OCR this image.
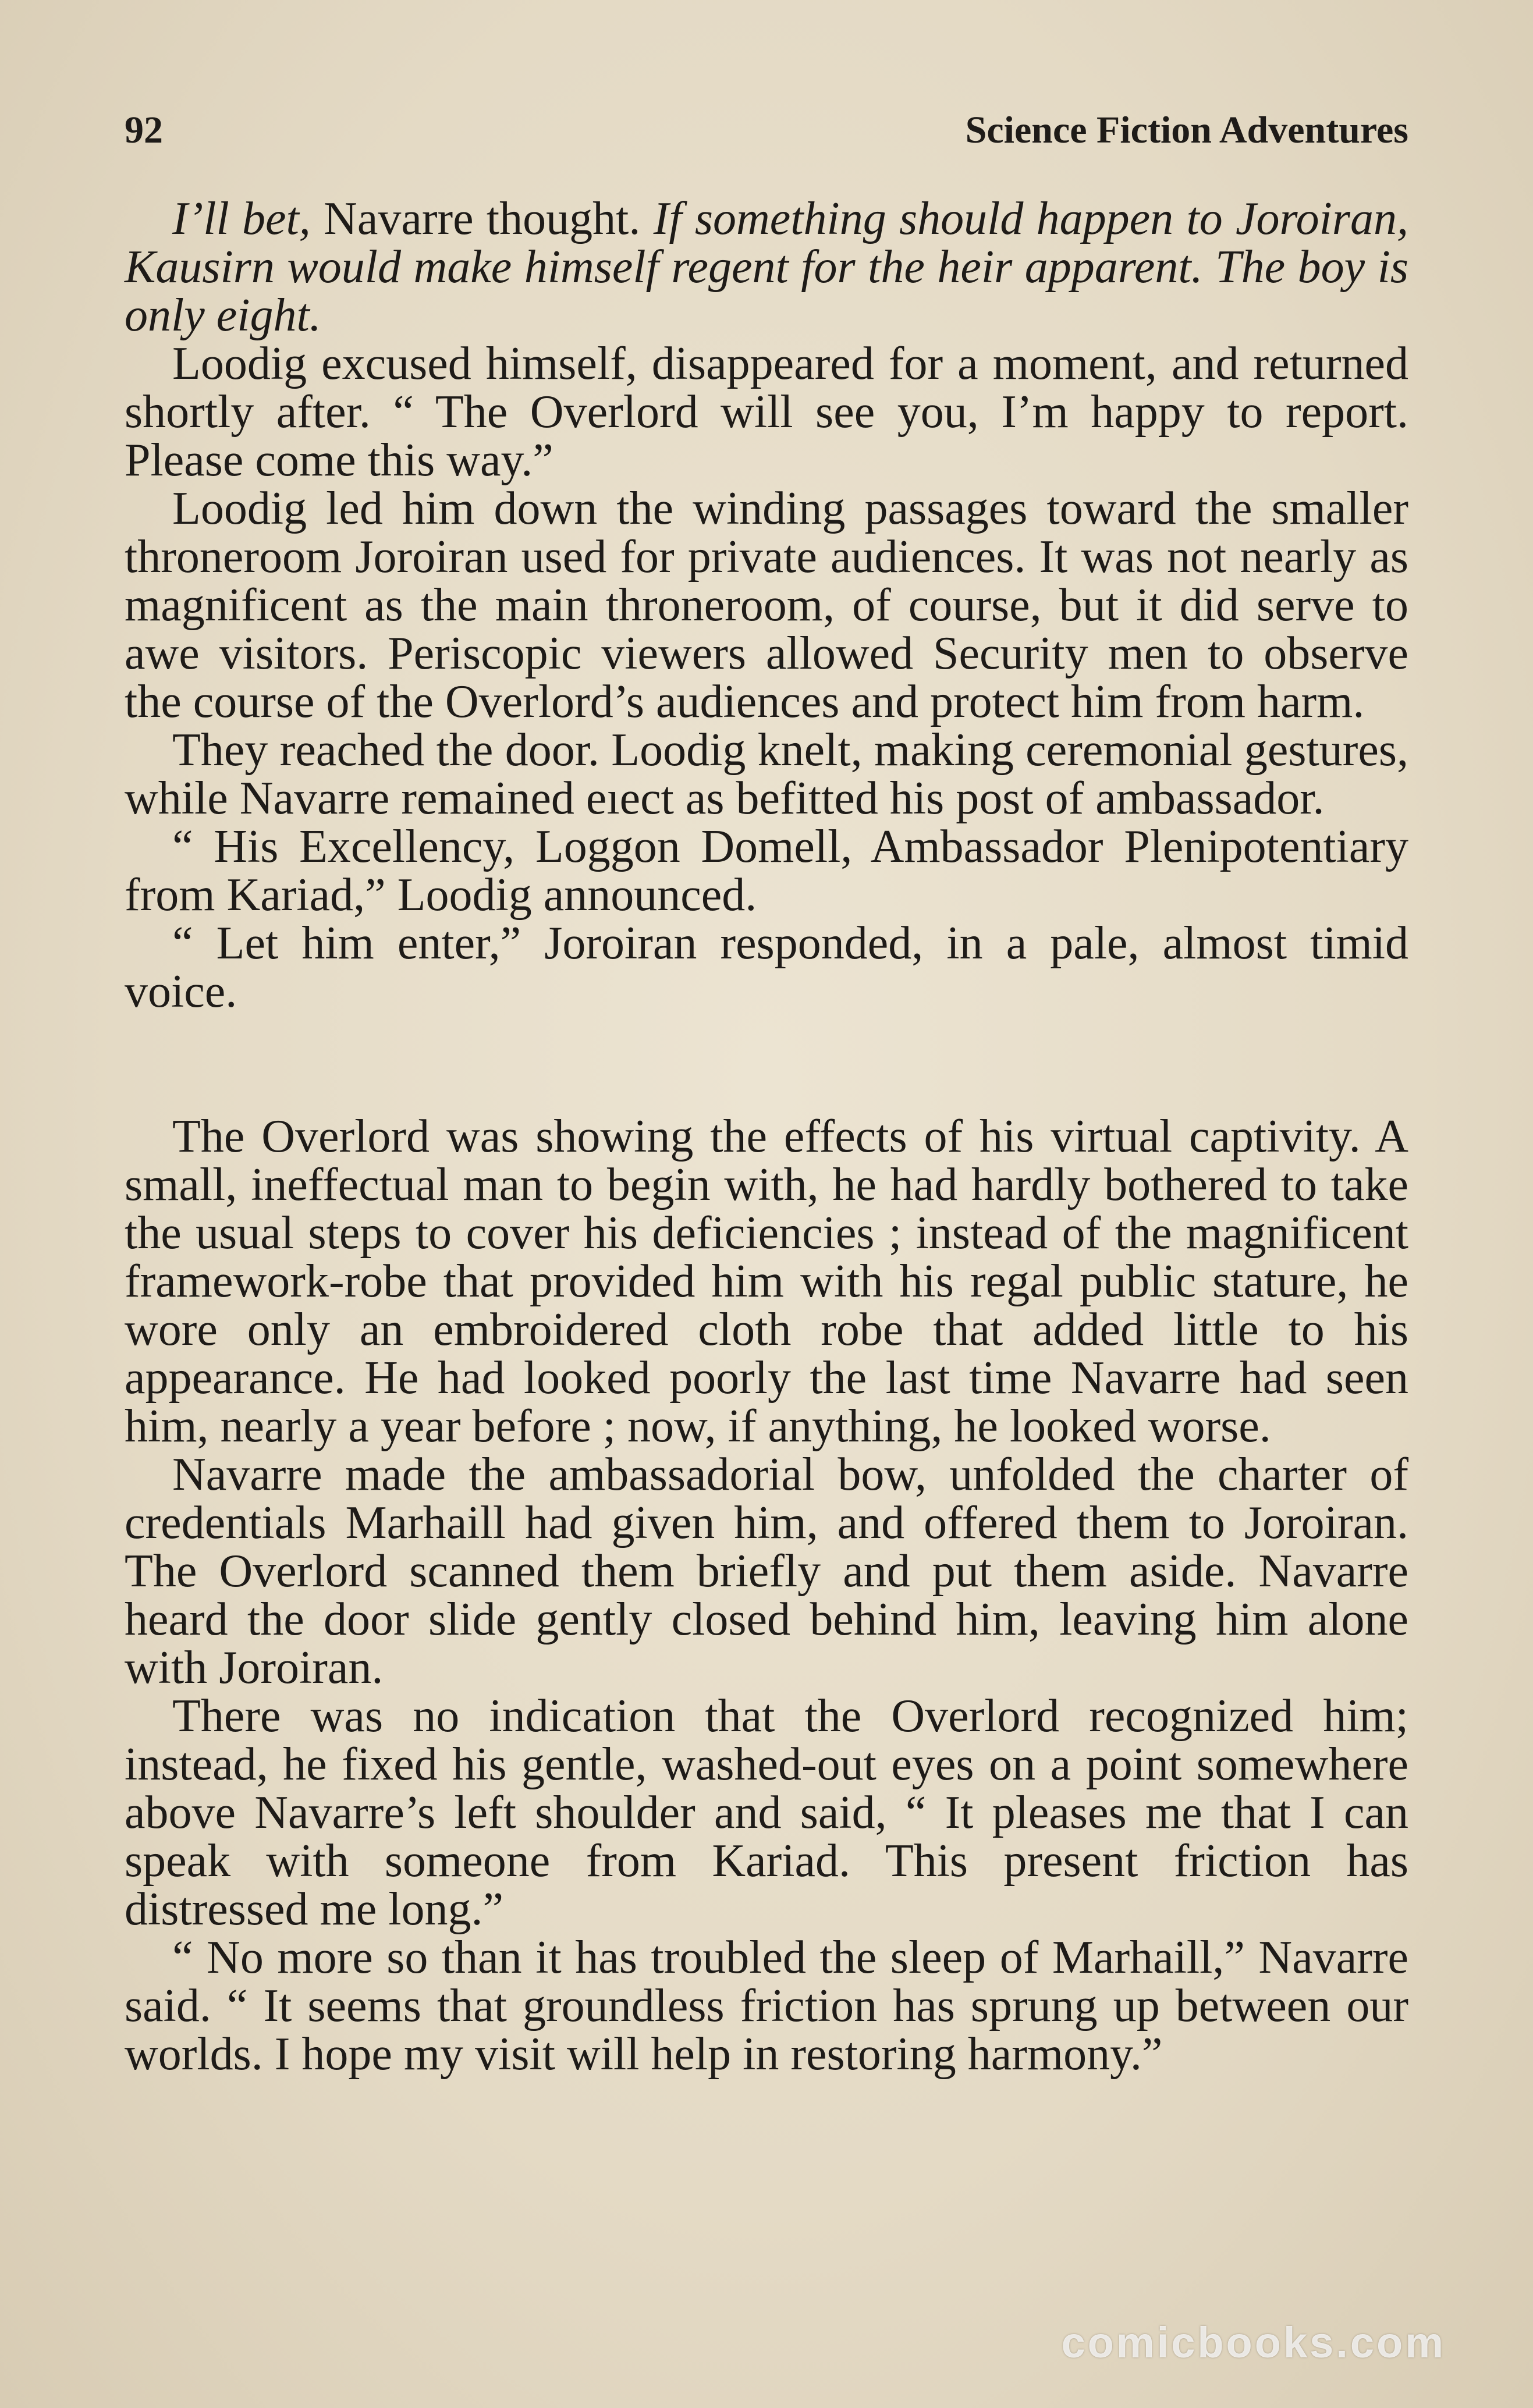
92	Science Fiction Adventures

I’ll bet, Navarre thought. If something should happen to Joroiran, Kausirn would make himself regent for the heir apparent. The boy is only eight.

Loodig excused himself, disappeared for a moment, and returned shortly after. “ The Overlord will see you, I’m happy to report. Please come this way.”

Loodig led him down the winding passages toward the smaller throneroom Joroiran used for private audiences. It was not nearly as magnificent as the main throneroom, of course, but it did serve to awe visitors. Periscopic viewers allowed Security men to observe the course of the Overlord’s audiences and protect him from harm.

They reached the door. Loodig knelt, making ceremonial gestures, while Navarre remained eıect as befitted his post of ambassador.

“ His Excellency, Loggon Domell, Ambassador Plenipotentiary from Kariad,” Loodig announced.

“ Let him enter,” Joroiran responded, in a pale, almost timid voice.

The Overlord was showing the effects of his virtual captivity. A small, ineffectual man to begin with, he had hardly bothered to take the usual steps to cover his deficiencies ; instead of the magnificent framework-robe that provided him with his regal public stature, he wore only an embroidered cloth robe that added little to his appearance. He had looked poorly the last time Navarre had seen him, nearly a year before ; now, if anything, he looked worse.

Navarre made the ambassadorial bow, unfolded the charter of credentials Marhaill had given him, and offered them to Joroiran. The Overlord scanned them briefly and put them aside. Navarre heard the door slide gently closed behind him, leaving him alone with Joroiran.

There was no indication that the Overlord recognized him; instead, he fixed his gentle, washed-out eyes on a point somewhere above Navarre’s left shoulder and said, “ It pleases me that I can speak with someone from Kariad. This present friction has distressed me long.”

“ No more so than it has troubled the sleep of Marhaill,” Navarre said. “ It seems that groundless friction has sprung up between our worlds. I hope my visit will help in restoring harmony.”

comicbooks.com
